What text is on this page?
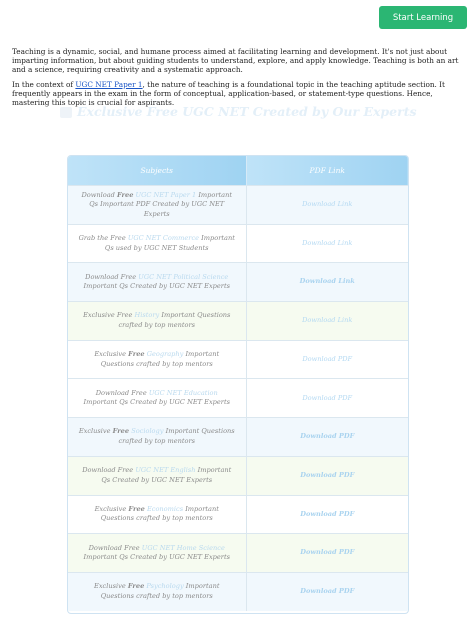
Start Learning

Teaching is a dynamic, social, and humane process aimed at facilitating learning and development. It's not just about imparting information, but about guiding students to understand, explore, and apply knowledge. Teaching is both an art and a science, requiring creativity and a systematic approach.

In the context of UGC NET Paper 1, the nature of teaching is a foundational topic in the teaching aptitude section. It frequently appears in the exam in the form of conceptual, application-based, or statement-type questions. Hence, mastering this topic is crucial for aspirants.

Exclusive Free UGC NET Created by Our Experts
Subjects	PDF Link
Download Free UGC NET Paper 1 Important Qs Important PDF Created by UGC NET Experts	Download Link
Grab the Free UGC NET Commerce Important Qs used by UGC NET Students	Download Link
Download Free UGC NET Political Science Important Qs Created by UGC NET Experts	Download Link
Exclusive Free History Important Questions crafted by top mentors	Download Link
Exclusive Free Geography Important Questions crafted by top mentors	Download PDF
Download Free UGC NET Education Important Qs Created by UGC NET Experts	Download PDF
Exclusive Free Sociology Important Questions crafted by top mentors	Download PDF
Download Free UGC NET English Important Qs Created by UGC NET Experts	Download PDF
Exclusive Free Economics Important Questions crafted by top mentors	Download PDF
Download Free UGC NET Home Science Important Qs Created by UGC NET Experts	Download PDF
Exclusive Free Psychology Important Questions crafted by top mentors	Download PDF
